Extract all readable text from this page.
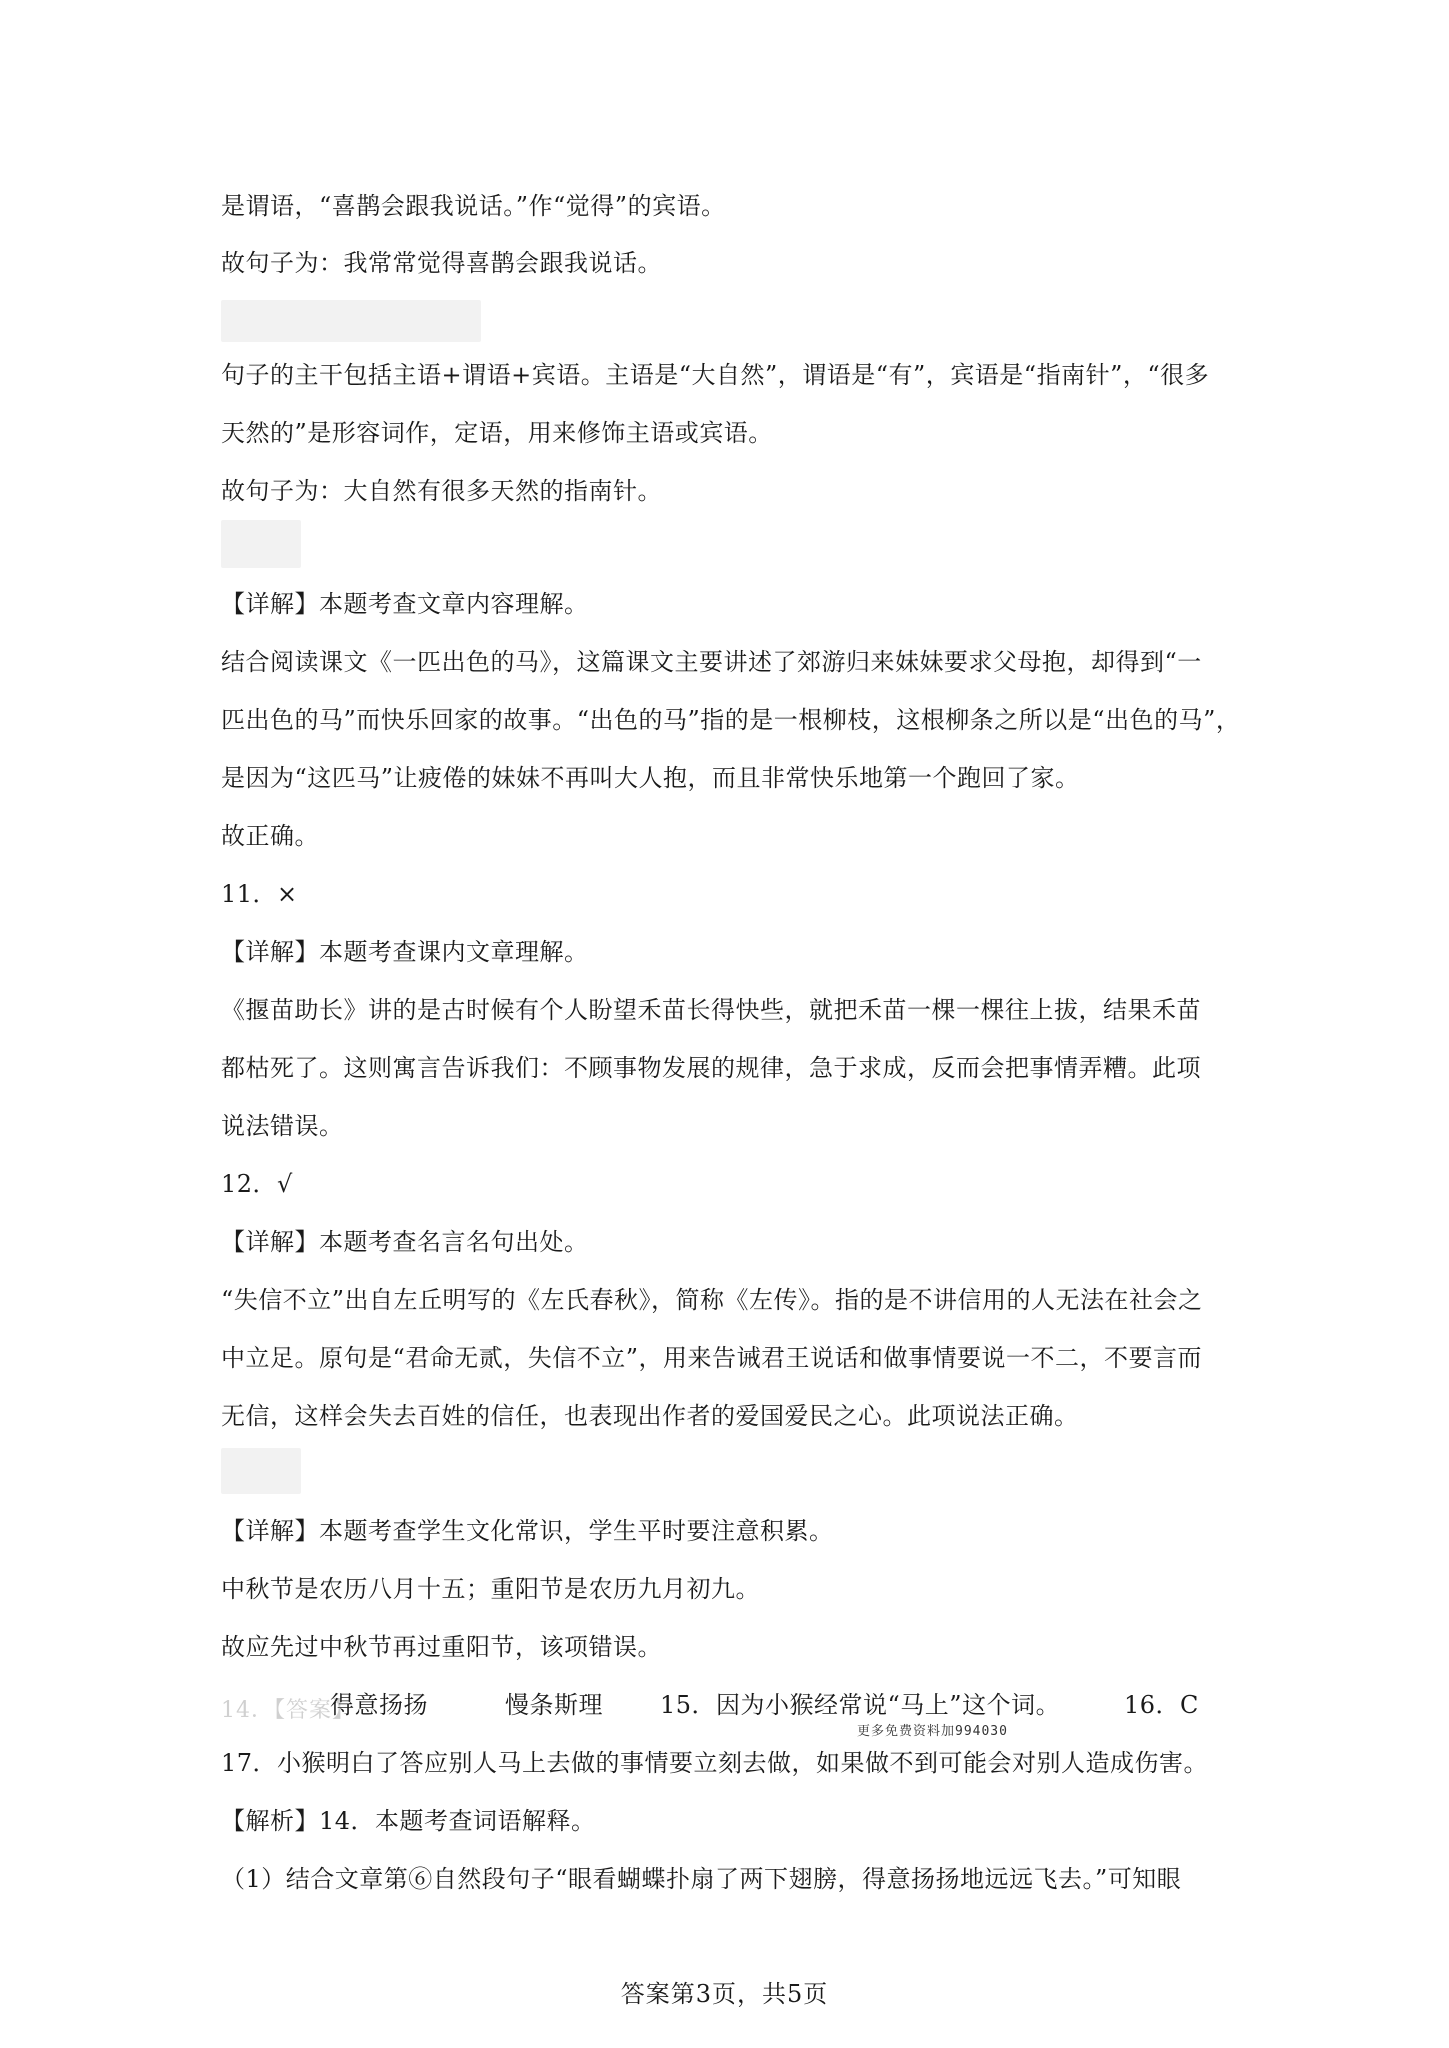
是谓语，“喜鹊会跟我说话。”作“觉得”的宾语。
故句子为：我常常觉得喜鹊会跟我说话。
句子的主干包括主语+谓语+宾语。主语是“大自然”，谓语是“有”，宾语是“指南针”，“很多
天然的”是形容词作，定语，用来修饰主语或宾语。
故句子为：大自然有很多天然的指南针。
【详解】本题考查文章内容理解。
结合阅读课文《一匹出色的马》，这篇课文主要讲述了郊游归来妹妹要求父母抱，却得到“一
匹出色的马”而快乐回家的故事。“出色的马”指的是一根柳枝，这根柳条之所以是“出色的马”，
是因为“这匹马”让疲倦的妹妹不再叫大人抱，而且非常快乐地第一个跑回了家。
故正确。
11．×
【详解】本题考查课内文章理解。
《揠苗助长》讲的是古时候有个人盼望禾苗长得快些，就把禾苗一棵一棵往上拔，结果禾苗
都枯死了。这则寓言告诉我们：不顾事物发展的规律，急于求成，反而会把事情弄糟。此项
说法错误。
12．√
【详解】本题考查名言名句出处。
“失信不立”出自左丘明写的《左氏春秋》，简称《左传》。指的是不讲信用的人无法在社会之
中立足。原句是“君命无贰，失信不立”，用来告诫君王说话和做事情要说一不二，不要言而
无信，这样会失去百姓的信任，也表现出作者的爱国爱民之心。此项说法正确。
【详解】本题考查学生文化常识，学生平时要注意积累。
中秋节是农历八月十五；重阳节是农历九月初九。
故应先过中秋节再过重阳节，该项错误。
14．【答案】
得意扬扬	慢条斯理 15．因为小猴经常说“马上”这个词。	16．C
更多免费资料加994030
17．小猴明白了答应别人马上去做的事情要立刻去做，如果做不到可能会对别人造成伤害。
【解析】14．本题考查词语解释。
（1）结合文章第⑥自然段句子“眼看蝴蝶扑扇了两下翅膀，得意扬扬地远远飞去。”可知眼
答案第3页，共5页
